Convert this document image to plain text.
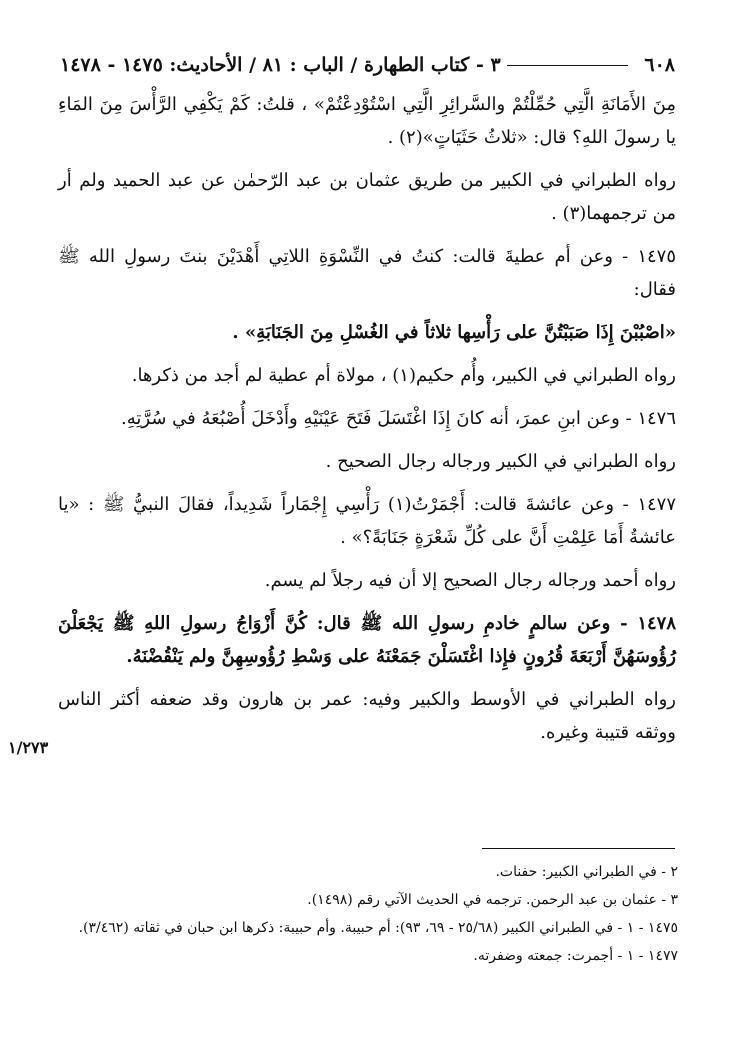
٦٠٨
٣ - كتاب الطهارة / الباب : ٨١ / الأحاديث: ١٤٧٥ - ١٤٧٨

مِنَ الأَمَانَةِ الَّتِي حُمِّلْتُمْ والسَّرائِرِ الَّتِي اسْتُوْدِعْتُمْ» ، قلتُ: كَمْ يَكْفِي الرَّأْسَ مِنَ المَاءِ يا رسولَ اللهِ؟ قال: «ثلاثُ حَثَيَاتٍ»(٢) .

رواه الطبراني في الكبير من طريق عثمان بن عبد الرّحمٰن عن عبد الحميد ولم أر من ترجمهما(٣) .

١٤٧٥ - وعن أم عطيةَ قالت: كنتُ في النِّسْوَةِ اللاتِي أَهْدَيْنَ بنتَ رسولِ الله ﷺ فقال:

«اصْبُبْنَ إِذَا صَبَبْتُنَّ على رَأْسِها ثلاثاً في الغُسْلِ مِنَ الجَنَابَةِ» .

رواه الطبراني في الكبير، وأُم حكيم(١) ، مولاة أم عطية لم أجد من ذكرها.

١٤٧٦ - وعن ابنِ عمرَ، أنه كانَ إِذَا اغْتَسَلَ فَتَحَ عَيْنَيْهِ وأَدْخَلَ أُصْبُعَهُ في سُرَّتِهِ.

رواه الطبراني في الكبير ورجاله رجال الصحيح .

١٤٧٧ - وعن عائشةَ قالت: أَجْمَرْتُ(١) رَأْسِي إِجْمَاراً شَدِيداً، فقالَ النبيُّ ﷺ : «يا عائشةُ أَمَا عَلِمْتِ أَنَّ على كُلِّ شَعْرَةٍ جَنَابَةً؟» .

رواه أحمد ورجاله رجال الصحيح إلا أن فيه رجلاً لم يسم.

١٤٧٨ - وعن سالمٍ خادمِ رسولِ الله ﷺ قال: كُنَّ أَزْوَاجُ رسولِ اللهِ ﷺ يَجْعَلْنَ رُؤُوسَهُنَّ أَرْبَعَةَ قُرُونٍ فإِذا اغْتَسَلْنَ جَمَعْنَهُ على وَسْطِ رُؤُوسِهِنَّ ولم يَنْقُضْنَهُ.

رواه الطبراني في الأوسط والكبير وفيه: عمر بن هارون وقد ضعفه أكثر الناس ووثقه قتيبة وغيره.

١/٢٧٣

٢ - في الطبراني الكبير: حفنات.

٣ - عثمان بن عبد الرحمن. ترجمه في الحديث الآتي رقم (١٤٩٨).

١٤٧٥ - ١ - في الطبراني الكبير (٢٥/٦٨ - ٦٩، ٩٣): أم حبيبة. وأم حبيبة: ذكرها ابن حبان في ثقاته (٣/٤٦٢).

١٤٧٧ - ١ - أجمرت: جمعته وضفرته.
